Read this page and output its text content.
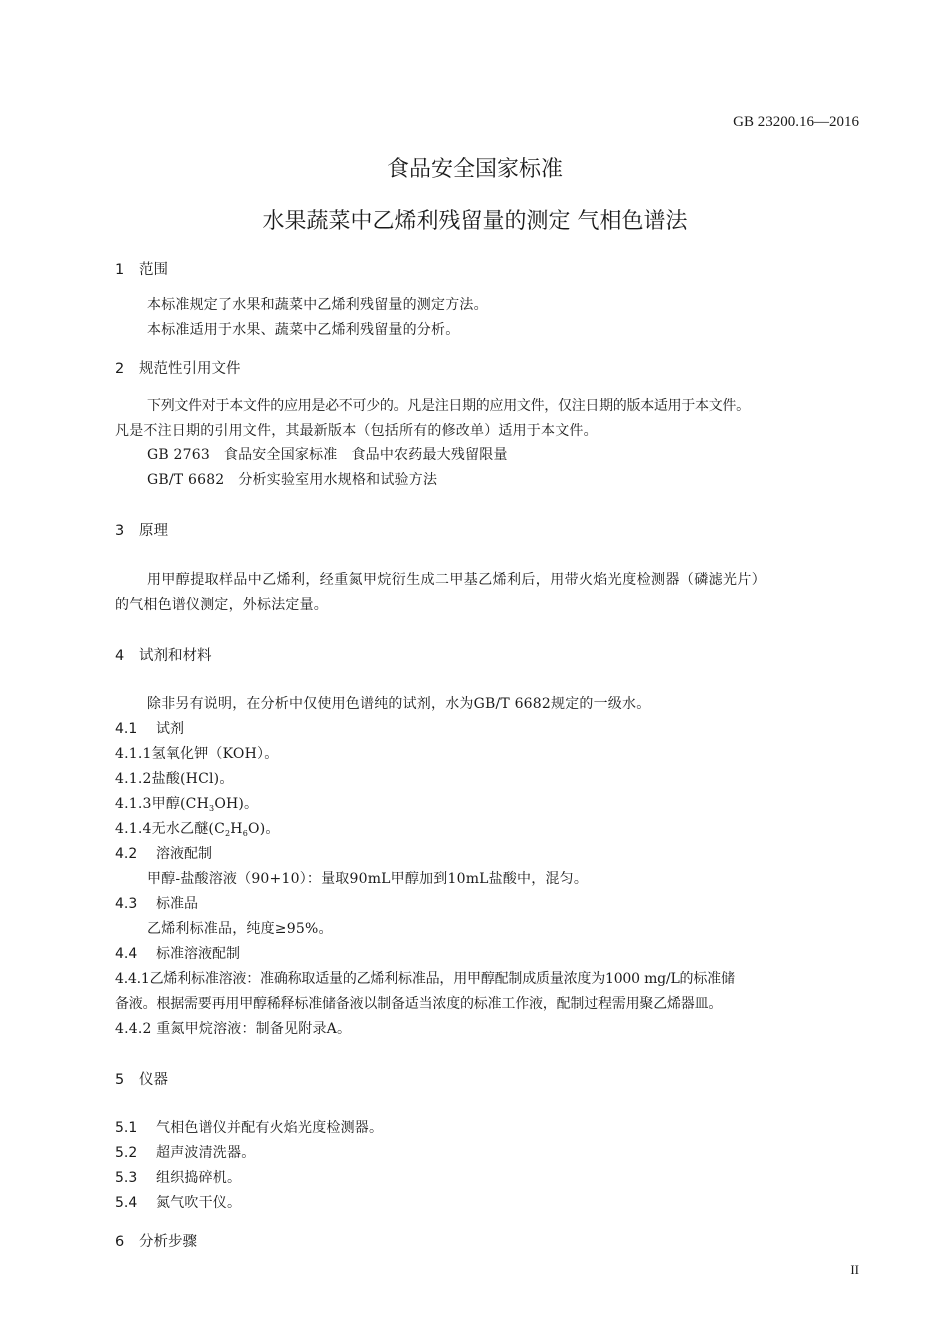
GB 23200.16—2016
食品安全国家标准
水果蔬菜中乙烯利残留量的测定 气相色谱法
1 范围
本标准规定了水果和蔬菜中乙烯利残留量的测定方法。
本标准适用于水果、蔬菜中乙烯利残留量的分析。
2 规范性引用文件
下列文件对于本文件的应用是必不可少的。凡是注日期的应用文件，仅注日期的版本适用于本文件。
凡是不注日期的引用文件，其最新版本（包括所有的修改单）适用于本文件。
GB 2763   食品安全国家标准   食品中农药最大残留限量
GB/T 6682   分析实验室用水规格和试验方法
3 原理
用甲醇提取样品中乙烯利，经重氮甲烷衍生成二甲基乙烯利后，用带火焰光度检测器（磷滤光片）
的气相色谱仪测定，外标法定量。
4 试剂和材料
除非另有说明，在分析中仅使用色谱纯的试剂，水为GB/T 6682规定的一级水。
4.1 试剂
4.1.1氢氧化钾（KOH）。
4.1.2盐酸(HCl)。
4.1.3甲醇$(CH_3OH)$。
4.1.4无水乙醚$(C_2H_6O)$。
4.2 溶液配制
甲醇-盐酸溶液（90+10）：量取90mL甲醇加到10mL盐酸中，混匀。
4.3 标准品
乙烯利标准品，纯度≥95%。
4.4 标准溶液配制
4.4.1乙烯利标准溶液：准确称取适量的乙烯利标准品，用甲醇配制成质量浓度为1000 mg/L的标准储
备液。根据需要再用甲醇稀释标准储备液以制备适当浓度的标准工作液，配制过程需用聚乙烯器皿。
4.4.2 重氮甲烷溶液：制备见附录A。
5 仪器
5.1 气相色谱仪并配有火焰光度检测器。
5.2 超声波清洗器。
5.3 组织捣碎机。
5.4 氮气吹干仪。
6 分析步骤
II
